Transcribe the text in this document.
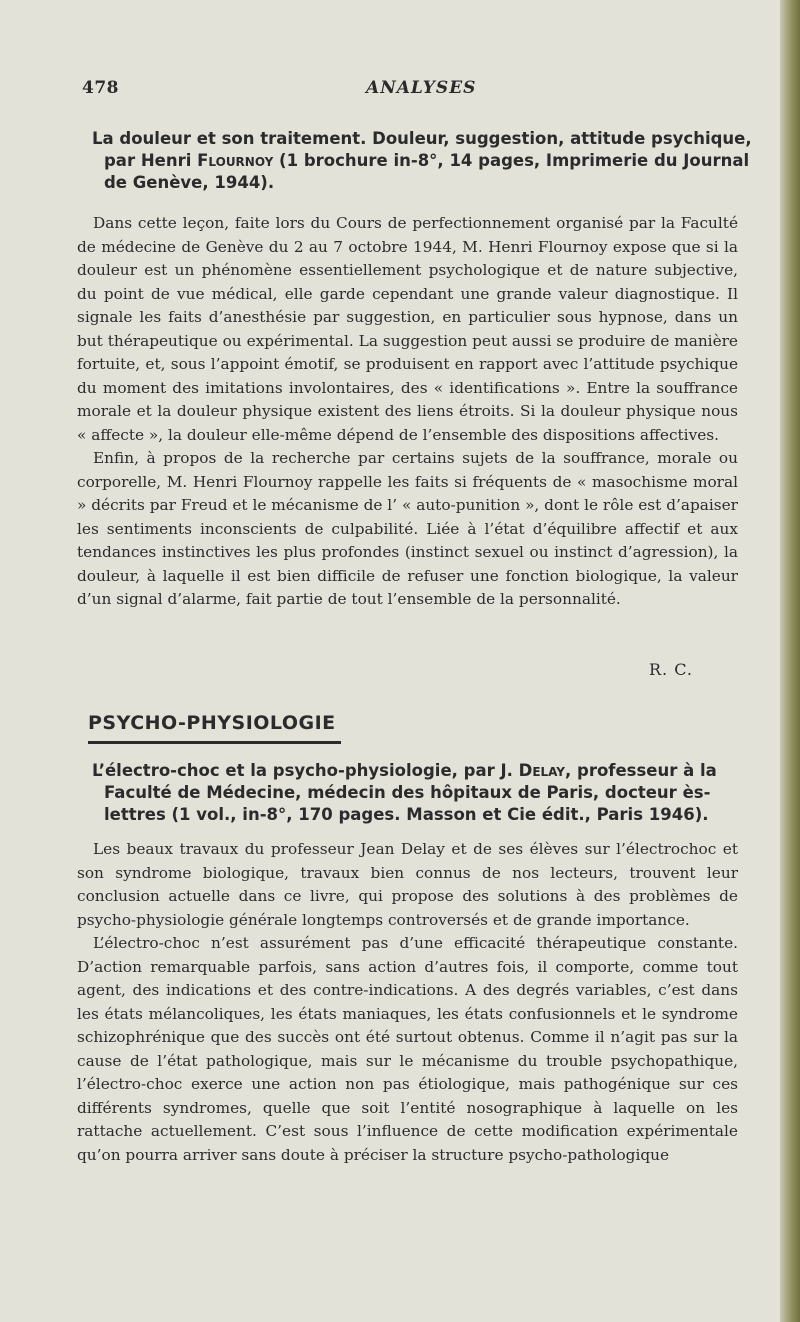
478	ANALYSES

La douleur et son traitement. Douleur, suggestion, attitude psychique, par Henri Flournoy (1 brochure in-8°, 14 pages, Imprimerie du Journal de Genève, 1944).

Dans cette leçon, faite lors du Cours de perfectionnement organisé par la Faculté de médecine de Genève du 2 au 7 octobre 1944, M. Henri Flournoy expose que si la douleur est un phénomène essentiellement psychologique et de nature subjective, du point de vue médical, elle garde cependant une grande valeur diagnostique. Il signale les faits d’anesthésie par suggestion, en particulier sous hypnose, dans un but thérapeutique ou expérimental. La suggestion peut aussi se produire de manière fortuite, et, sous l’appoint émotif, se produisent en rapport avec l’attitude psychique du moment des imitations involontaires, des « identifications ». Entre la souffrance morale et la douleur physique existent des liens étroits. Si la douleur physique nous « affecte », la douleur elle-même dépend de l’ensemble des dispositions affectives.

Enfin, à propos de la recherche par certains sujets de la souffrance, morale ou corporelle, M. Henri Flournoy rappelle les faits si fréquents de « masochisme moral » décrits par Freud et le mécanisme de l’ « auto-punition », dont le rôle est d’apaiser les sentiments inconscients de culpabilité. Liée à l’état d’équilibre affectif et aux tendances instinctives les plus profondes (instinct sexuel ou instinct d’agression), la douleur, à laquelle il est bien difficile de refuser une fonction biologique, la valeur d’un signal d’alarme, fait partie de tout l’ensemble de la personnalité.

R. C.
PSYCHO-PHYSIOLOGIE

L’électro-choc et la psycho-physiologie, par J. Delay, professeur à la Faculté de Médecine, médecin des hôpitaux de Paris, docteur ès-lettres (1 vol., in-8°, 170 pages. Masson et Cie édit., Paris 1946).

Les beaux travaux du professeur Jean Delay et de ses élèves sur l’électrochoc et son syndrome biologique, travaux bien connus de nos lecteurs, trouvent leur conclusion actuelle dans ce livre, qui propose des solutions à des problèmes de psycho-physiologie générale longtemps controversés et de grande importance.

L’électro-choc n’est assurément pas d’une efficacité thérapeutique constante. D’action remarquable parfois, sans action d’autres fois, il comporte, comme tout agent, des indications et des contre-indications. A des degrés variables, c’est dans les états mélancoliques, les états maniaques, les états confusionnels et le syndrome schizophrénique que des succès ont été surtout obtenus. Comme il n’agit pas sur la cause de l’état pathologique, mais sur le mécanisme du trouble psychopathique, l’électro-choc exerce une action non pas étiologique, mais pathogénique sur ces différents syndromes, quelle que soit l’entité nosographique à laquelle on les rattache actuellement. C’est sous l’influence de cette modification expérimentale qu’on pourra arriver sans doute à préciser la structure psycho-pathologique
